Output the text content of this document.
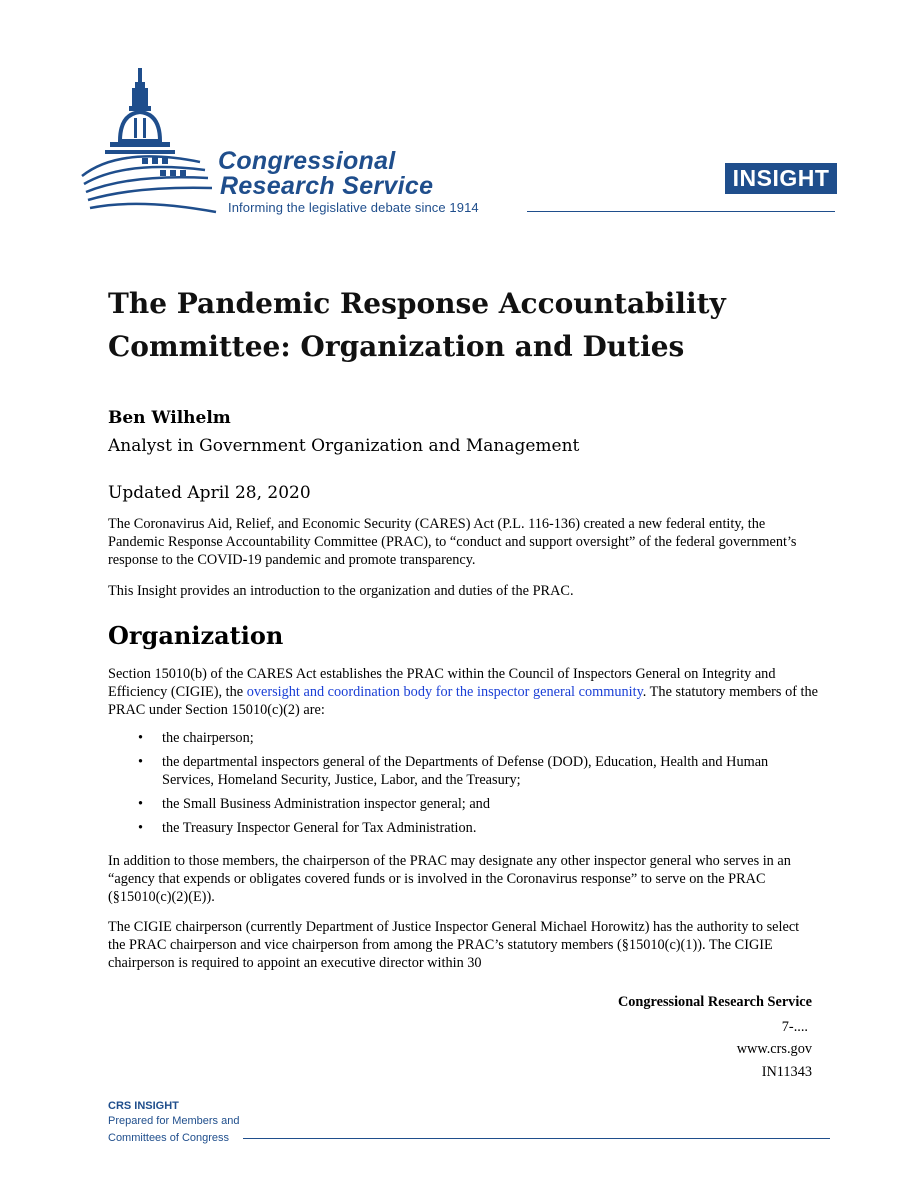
Congressional
Research Service
Informing the legislative debate since 1914
INSIGHT
The Pandemic Response Accountability
Committee: Organization and Duties
Ben Wilhelm
Analyst in Government Organization and Management
Updated April 28, 2020

The Coronavirus Aid, Relief, and Economic Security (CARES) Act (P.L. 116-136) created a new federal entity, the Pandemic Response Accountability Committee (PRAC), to “conduct and support oversight” of the federal government’s response to the COVID-19 pandemic and promote transparency.

This Insight provides an introduction to the organization and duties of the PRAC.

Organization

Section 15010(b) of the CARES Act establishes the PRAC within the Council of Inspectors General on Integrity and Efficiency (CIGIE), the oversight and coordination body for the inspector general community. The statutory members of the PRAC under Section 15010(c)(2) are:

• the chairperson;
• the departmental inspectors general of the Departments of Defense (DOD), Education, Health and Human Services, Homeland Security, Justice, Labor, and the Treasury;
• the Small Business Administration inspector general; and
• the Treasury Inspector General for Tax Administration.

In addition to those members, the chairperson of the PRAC may designate any other inspector general who serves in an “agency that expends or obligates covered funds or is involved in the Coronavirus response” to serve on the PRAC (§15010(c)(2)(E)).

The CIGIE chairperson (currently Department of Justice Inspector General Michael Horowitz) has the authority to select the PRAC chairperson and vice chairperson from among the PRAC’s statutory members (§15010(c)(1)). The CIGIE chairperson is required to appoint an executive director within 30

Congressional Research Service
7-....
www.crs.gov
IN11343
CRS INSIGHT
Prepared for Members and
Committees of Congress
